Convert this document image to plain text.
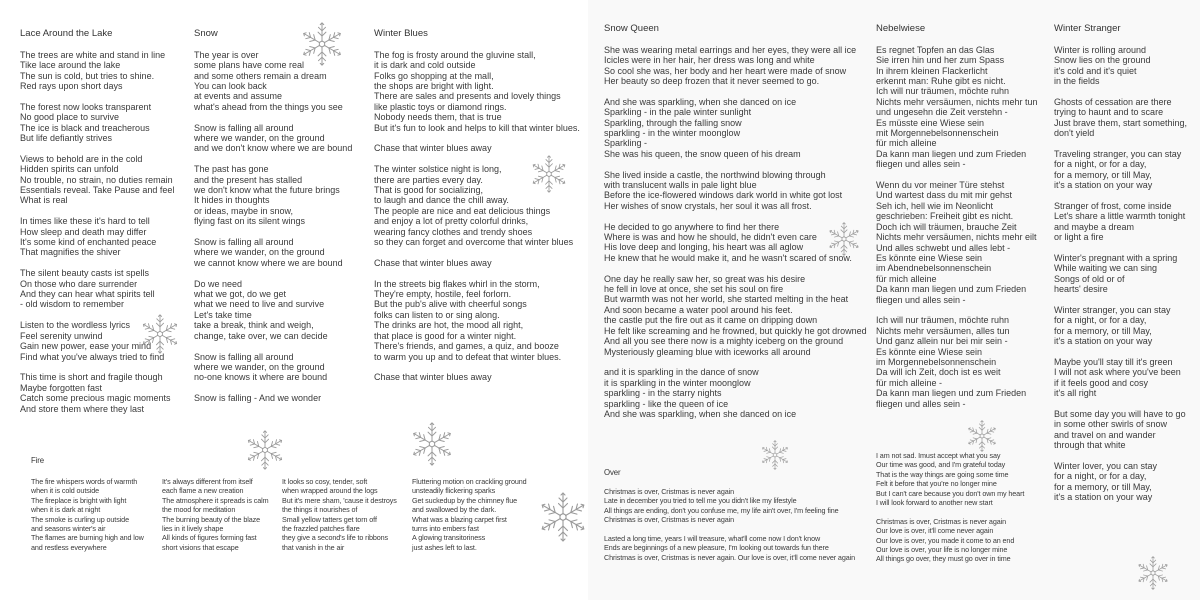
Lace Around the Lake
The trees are white and stand in line
Tike lace around the lake
The sun is cold, but tries to shine.
Red rays upon short days
The forest now looks transparent
No good place to survive
The ice is black and treacherous
But life defiantly strives
Views to behold are in the cold
Hidden spirits can unfold
No trouble, no strain, no duties remain
Essentials reveal. Take Pause and feel
What is real
In times like these it's hard to tell
How sleep and death may differ
It's some kind of enchanted peace
That magnifies the shiver
The silent beauty casts ist spells
On those who dare surrender
And they can hear what spirits tell
- old wisdom to remember
Listen to the wordless lyrics
Feel serenity unwind
Gain new power, ease your mind
Find what you've always tried to find
This time is short and fragile though
Maybe forgotten fast
Catch some precious magic moments
And store them where they last
Snow
The year is over
some plans have come real
and some others remain a dream
You can look back
at events and assume
what's ahead from the things you see
Snow is falling all around
where we wander, on the ground
and we don't know where we are bound
The past has gone
and the present has stalled
we don't know what the future brings
It hides in thoughts
or ideas, maybe in snow,
flying fast on its silent wings
Snow is falling all around
where we wander, on the ground
we cannot know where we are bound
Do we need
what we got, do we get
what we need to live and survive
Let's take time
take a break, think and weigh,
change, take over, we can decide
Snow is falling all around
where we wander, on the ground
no-one knows it where are bound
Snow is falling - And we wonder
Winter Blues
The fog is frosty around the gluvine stall,
it is dark and cold outside
Folks go shopping at the mall,
the shops are bright with light.
There are sales and presents and lovely things
like plastic toys or diamond rings.
Nobody needs them, that is true
But it's fun to look and helps to kill that winter blues.
Chase that winter blues away
The winter solstice night is long,
there are parties every day.
That is good for socializing,
to laugh and dance the chill away.
The people are nice and eat delicious things
and enjoy a lot of pretty colorful drinks,
wearing fancy clothes and trendy shoes
so they can forget and overcome that winter blues
Chase that winter blues away
In the streets big flakes whirl in the storm,
They're empty, hostile, feel forlorn.
But the pub's alive with cheerful songs
folks can listen to or sing along.
The drinks are hot, the mood all right,
that place is good for a winter night.
There's friends, and games, a quiz, and booze
to warm you up and to defeat that winter blues.
Chase that winter blues away
Snow Queen
She was wearing metal earrings and her eyes, they were all ice
Icicles were in her hair, her dress was long and white
So cool she was, her body and her heart were made of snow
Her beauty so deep frozen that it never seemed to go.
And she was sparkling, when she danced on ice
Sparkling - in the pale winter sunlight
Sparkling, through the falling snow
sparkling - in the winter moonglow
Sparkling -
She was his queen, the snow queen of his dream
She lived inside a castle, the northwind blowing through
with translucent walls in pale light blue
Before the ice-flowered windows dark world in white got lost
Her wishes of snow crystals, her soul it was all frost.
He decided to go anywhere to find her there
Where is was and how he should, he didn't even care
His love deep and longing, his heart was all aglow
He knew that he would make it, and he wasn't scared of snow.
One day he really saw her, so great was his desire
he fell in love at once, she set his soul on fire
But warmth was not her world, she started melting in the heat
And soon became a water pool around his feet.
the castle put the fire out as it came on dripping down
He felt like screaming and he frowned, but quickly he got drowned
And all you see there now is a mighty iceberg on the ground
Mysteriously gleaming blue with iceworks all around
and it is sparkling in the dance of snow
it is sparkling in the winter moonglow
sparkling - in the starry nights
sparkling - like the queen of ice
And she was sparkling, when she danced on ice
Nebelwiese
Es regnet Topfen an das Glas
Sie irren hin und her zum Spass
In ihrem kleinen Flackerlicht
erkennt man: Ruhe gibt es nicht.
Ich will nur träumen, möchte ruhn
Nichts mehr versäumen, nichts mehr tun
und ungesehn die Zeit verstehn -
Es müsste eine Wiese sein
mit Morgennebelsonnenschein
für mich alleine
Da kann man liegen und zum Frieden
fliegen und alles sein -
Wenn du vor meiner Türe stehst
Und wartest dass du mit mir gehst
Seh ich, hell wie im Neonlicht
geschrieben: Freiheit gibt es nicht.
Doch ich will träumen, brauche Zeit
Nichts mehr versäumen, nichts mehr eilt
Und alles schwebt und alles lebt -
Es könnte eine Wiese sein
im Abendnebelsonnenschein
für mich alleine
Da kann man liegen und zum Frieden
fliegen und alles sein -
Ich will nur träumen, möchte ruhn
Nichts mehr versäumen, alles tun
Und ganz allein nur bei mir sein -
Es könnte eine Wiese sein
im Morgennebelsonnenschein
Da will ich Zeit, doch ist es weit
für mich alleine -
Da kann man liegen und zum Frieden
fliegen und alles sein -
Winter Stranger
Winter is rolling around
Snow lies on the ground
it's cold and it's quiet
in the fields
Ghosts of cessation are there
trying to haunt and to scare
Just brave them, start something,
don't yield
Traveling stranger, you can stay
for a night, or for a day,
for a memory, or till May,
it's a station on your way
Stranger of frost, come inside
Let's share a little warmth tonight
and maybe a dream
or light a fire
Winter's pregnant with a spring
While waiting we can sing
Songs of old or of
hearts' desire
Winter stranger, you can stay
for a night, or for a day,
for a memory, or till May,
it's a station on your way
Maybe you'll stay till it's green
I will not ask where you've been
if it feels good and cosy
it's all right
But some day you will have to go
in some other swirls of snow
and travel on and wander
through that white
Winter lover, you can stay
for a night, or for a day,
for a memory, or till May,
it's a station on your way
Fire
The fire whispers words of warmth
when it is cold outside
The fireplace is bright with light
when it is dark at night
The smoke is curling up outside
and seasons winter's air
The flames are burning high and low
and restless everywhere
It's always different from itself
each flame a new creation
The atmosphere it spreads is calm
the mood for meditation
The burning beauty of the blaze
lies in it lively shape
All kinds of figures forming fast
short visions that escape
It looks so cosy, tender, soft
when wrapped around the logs
But it's mere sham, 'cause it destroys
the things it nourishes of
Small yellow tatters get torn off
the frazzled patches flare
they give a second's life to ribbons
that vanish in the air
Fluttering motion on crackling ground
unsteadily flickering sparks
Get suckedup by the chimney flue
and swallowed by the dark.
What was a blazing carpet first
turns into embers fast
A glowing transitoriness
just ashes left to last.
Over
Christmas is over, Cristmas is never again
Late in december you tried to tell me you didn't like my lifestyle
All things are ending, don't you confuse me, my life ain't over, I'm feeling fine
Christmas is over, Cristmas is never again
Lasted a long time, years I will treasure, what'll come now I don't know
Ends are beginnings of a new pleasure, I'm looking out towards fun there
Christmas is over, Cristmas is never again. Our love is over, it'll come never again
I am not sad. Imust accept what you say
Our time was good, and I'm grateful today
That is the way things are going some time
Felt it before that you're no longer mine
But I can't care because you don't own my heart
I will look forward to another new start
Christmas is over, Cristmas is never again
Our love is over, it'll come never again
Our love is over, you made it come to an end
Our love is over, your life is no longer mine
All things go over, they must go over in time
